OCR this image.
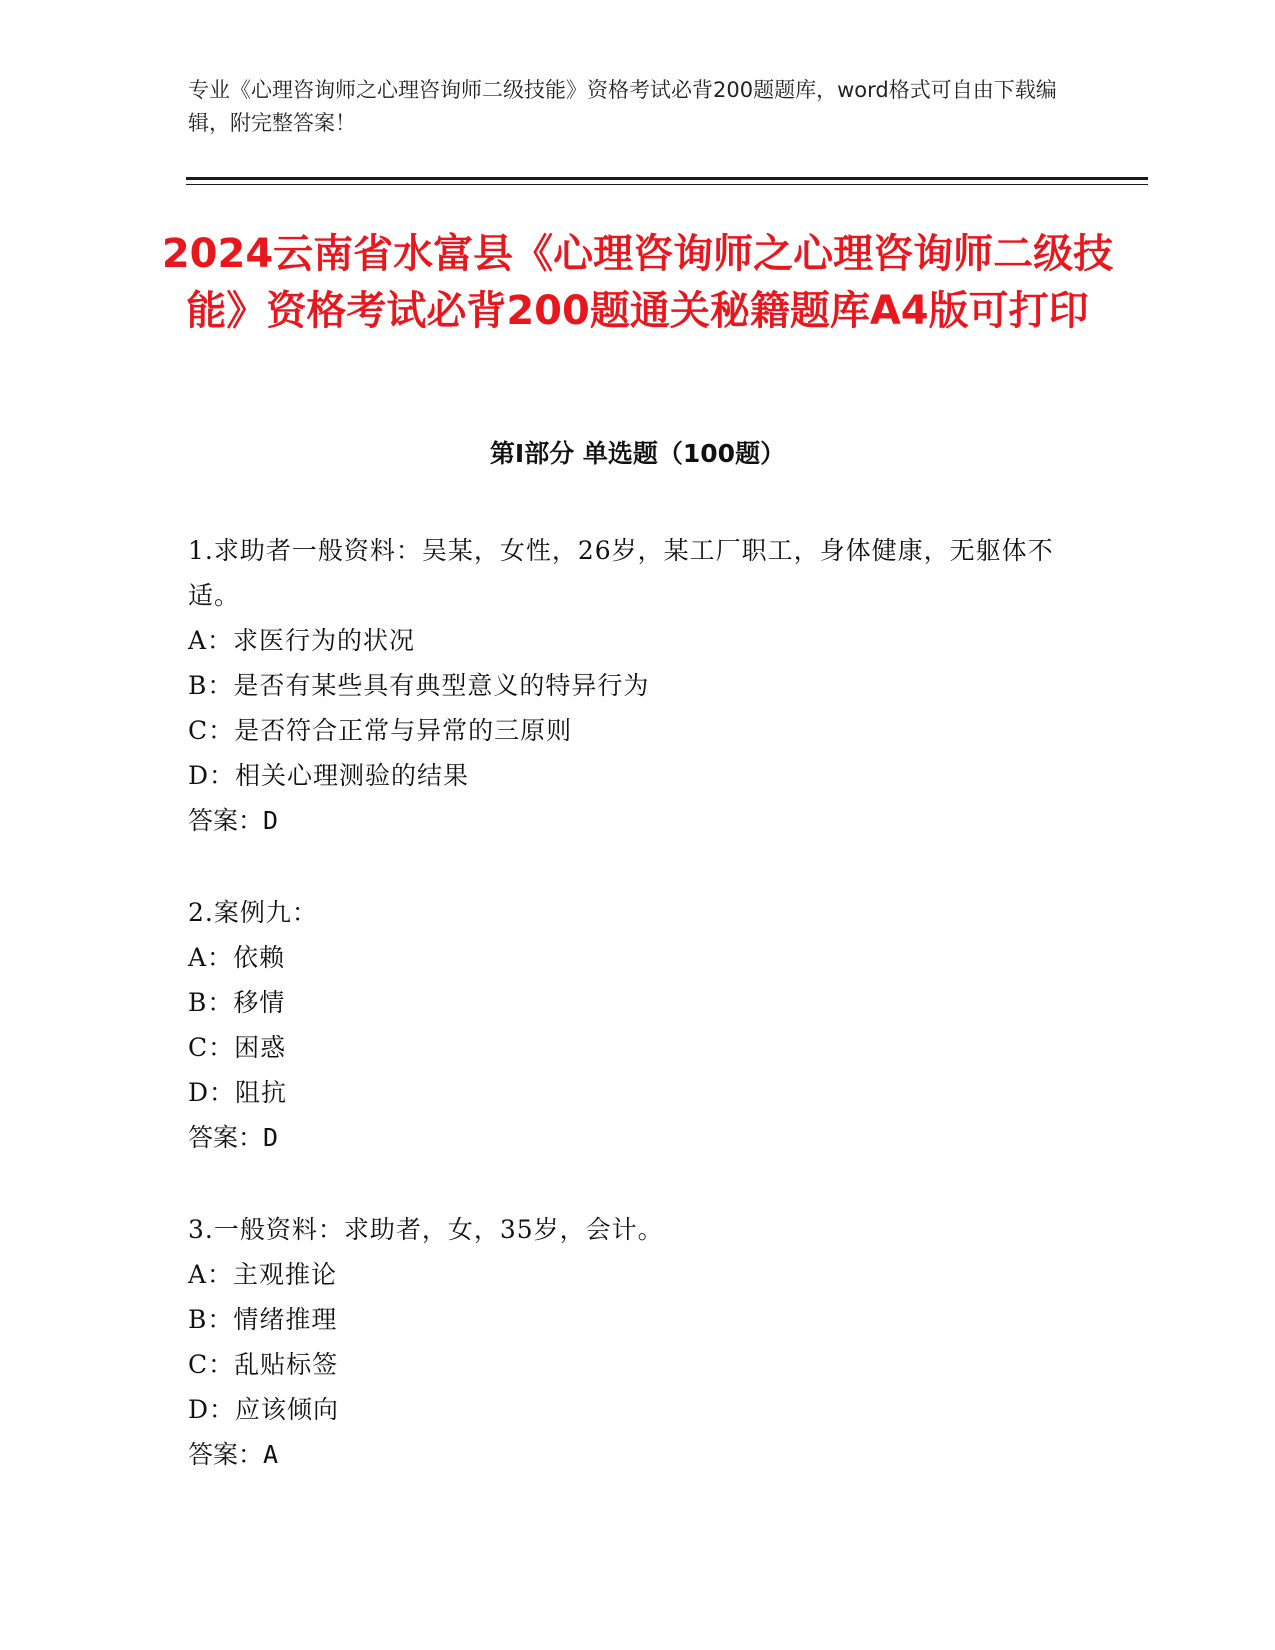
专业《心理咨询师之心理咨询师二级技能》资格考试必背200题题库，word格式可自由下载编辑，附完整答案！
2024云南省水富县《心理咨询师之心理咨询师二级技能》资格考试必背200题通关秘籍题库A4版可打印
第Ⅰ部分 单选题（100题）
1.求助者一般资料：吴某，女性，26岁，某工厂职工，身体健康，无躯体不适。
A：求医行为的状况
B：是否有某些具有典型意义的特异行为
C：是否符合正常与异常的三原则
D：相关心理测验的结果
答案：D
2.案例九：
A：依赖
B：移情
C：困惑
D：阻抗
答案：D
3.一般资料：求助者，女，35岁，会计。
A：主观推论
B：情绪推理
C：乱贴标签
D：应该倾向
答案：A
